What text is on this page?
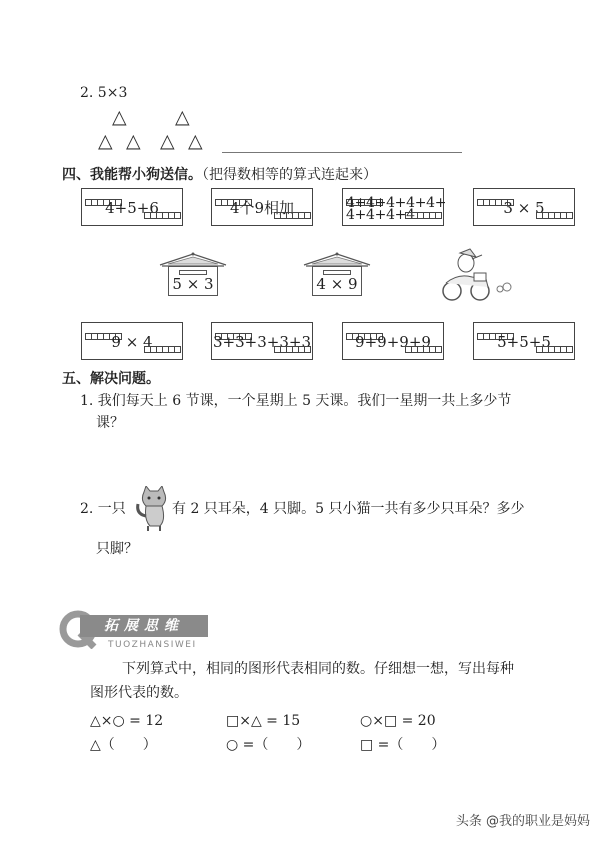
2. 5×3
△	△
△ △ △ △
四、我能帮小狗送信。（把得数相等的算式连起来）
4+5+6	4个9相加	4+4+4+4+4+
4+4+4+4	3 × 5
5 × 3	4 × 9
9 × 4	3+3+3+3+3	9+9+9+9	5+5+5
五、解决问题。
1. 我们每天上 6 节课，一个星期上 5 天课。我们一星期一共上多少节
课？
2. 一只	有 2 只耳朵，4 只脚。5 只小猫一共有多少只耳朵？多少
只脚？
拓展思维
TUOZHANSIWEI
下列算式中，相同的图形代表相同的数。仔细想一想，写出每种
图形代表的数。
△×○ = 12	□×△ = 15	○×□ = 20
△（　　）	○ =（　　）	□ =（　　）
头条 @我的职业是妈妈
